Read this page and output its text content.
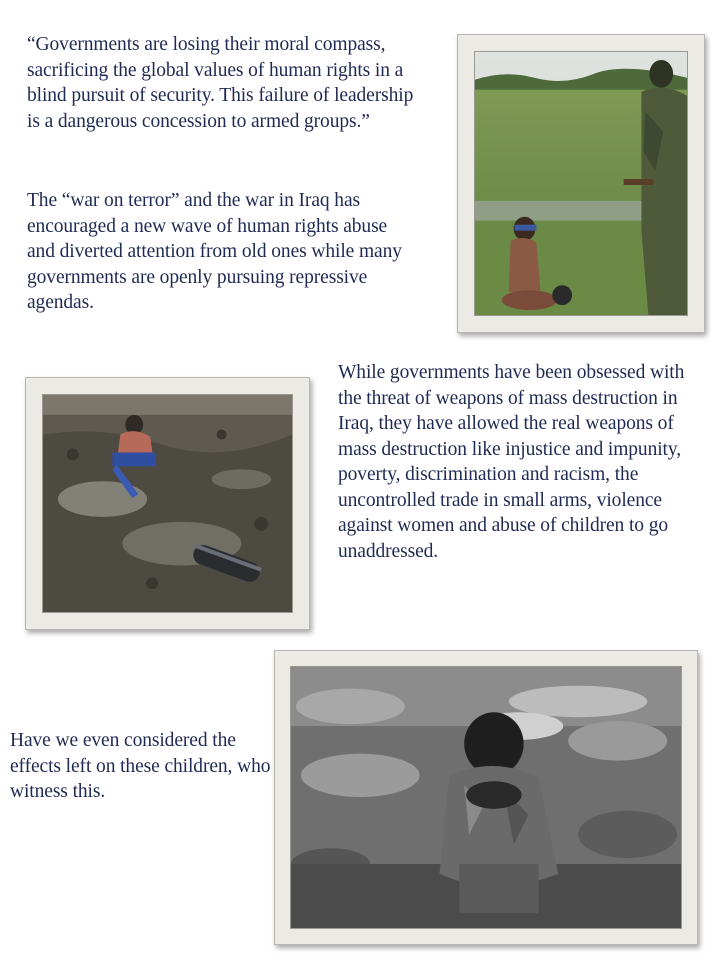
“Governments are losing their moral compass, sacrificing the global values of human rights in a blind pursuit of security. This failure of leadership is a dangerous concession to armed groups.”

The “war on terror” and the war in Iraq has encouraged a new wave of human rights abuse and diverted attention from old ones while many governments are openly pursuing repressive agendas.

While governments have been obsessed with the threat of weapons of mass destruction in Iraq, they have allowed the real weapons of mass destruction like injustice and impunity, poverty, discrimination and racism, the uncontrolled trade in small arms, violence against women and abuse of children to go unaddressed.

Have we even considered the effects left on these children, who witness this.
